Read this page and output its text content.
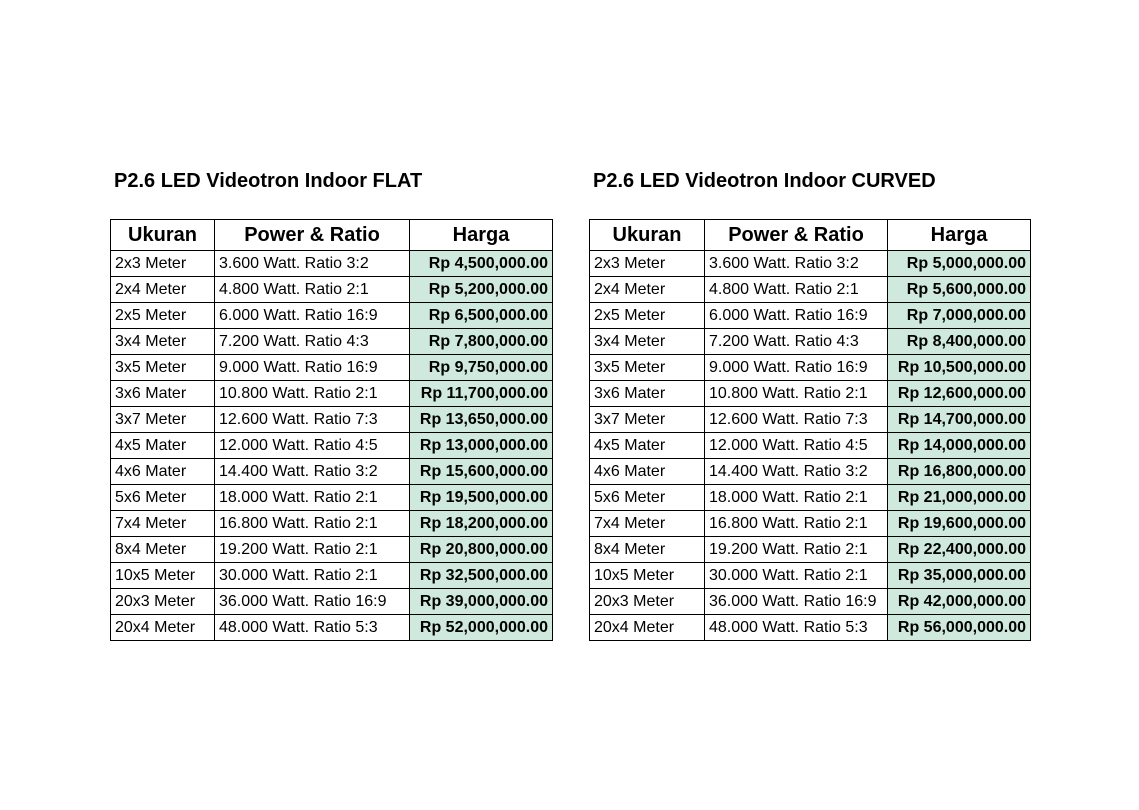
P2.6 LED Videotron Indoor FLAT
Ukuran	Power & Ratio	Harga
2x3 Meter	3.600 Watt. Ratio 3:2	Rp 4,500,000.00
2x4 Meter	4.800 Watt. Ratio 2:1	Rp 5,200,000.00
2x5 Meter	6.000 Watt. Ratio 16:9	Rp 6,500,000.00
3x4 Meter	7.200 Watt. Ratio 4:3	Rp 7,800,000.00
3x5 Meter	9.000 Watt. Ratio 16:9	Rp 9,750,000.00
3x6 Mater	10.800 Watt. Ratio 2:1	Rp 11,700,000.00
3x7 Meter	12.600 Watt. Ratio 7:3	Rp 13,650,000.00
4x5 Mater	12.000 Watt. Ratio 4:5	Rp 13,000,000.00
4x6 Mater	14.400 Watt. Ratio 3:2	Rp 15,600,000.00
5x6 Meter	18.000 Watt. Ratio 2:1	Rp 19,500,000.00
7x4 Meter	16.800 Watt. Ratio 2:1	Rp 18,200,000.00
8x4 Meter	19.200 Watt. Ratio 2:1	Rp 20,800,000.00
10x5 Meter	30.000 Watt. Ratio 2:1	Rp 32,500,000.00
20x3 Meter	36.000 Watt. Ratio 16:9	Rp 39,000,000.00
20x4 Meter	48.000 Watt. Ratio 5:3	Rp 52,000,000.00
P2.6 LED Videotron Indoor CURVED
Ukuran	Power & Ratio	Harga
2x3 Meter	3.600 Watt. Ratio 3:2	Rp 5,000,000.00
2x4 Meter	4.800 Watt. Ratio 2:1	Rp 5,600,000.00
2x5 Meter	6.000 Watt. Ratio 16:9	Rp 7,000,000.00
3x4 Meter	7.200 Watt. Ratio 4:3	Rp 8,400,000.00
3x5 Meter	9.000 Watt. Ratio 16:9	Rp 10,500,000.00
3x6 Mater	10.800 Watt. Ratio 2:1	Rp 12,600,000.00
3x7 Meter	12.600 Watt. Ratio 7:3	Rp 14,700,000.00
4x5 Mater	12.000 Watt. Ratio 4:5	Rp 14,000,000.00
4x6 Mater	14.400 Watt. Ratio 3:2	Rp 16,800,000.00
5x6 Meter	18.000 Watt. Ratio 2:1	Rp 21,000,000.00
7x4 Meter	16.800 Watt. Ratio 2:1	Rp 19,600,000.00
8x4 Meter	19.200 Watt. Ratio 2:1	Rp 22,400,000.00
10x5 Meter	30.000 Watt. Ratio 2:1	Rp 35,000,000.00
20x3 Meter	36.000 Watt. Ratio 16:9	Rp 42,000,000.00
20x4 Meter	48.000 Watt. Ratio 5:3	Rp 56,000,000.00
